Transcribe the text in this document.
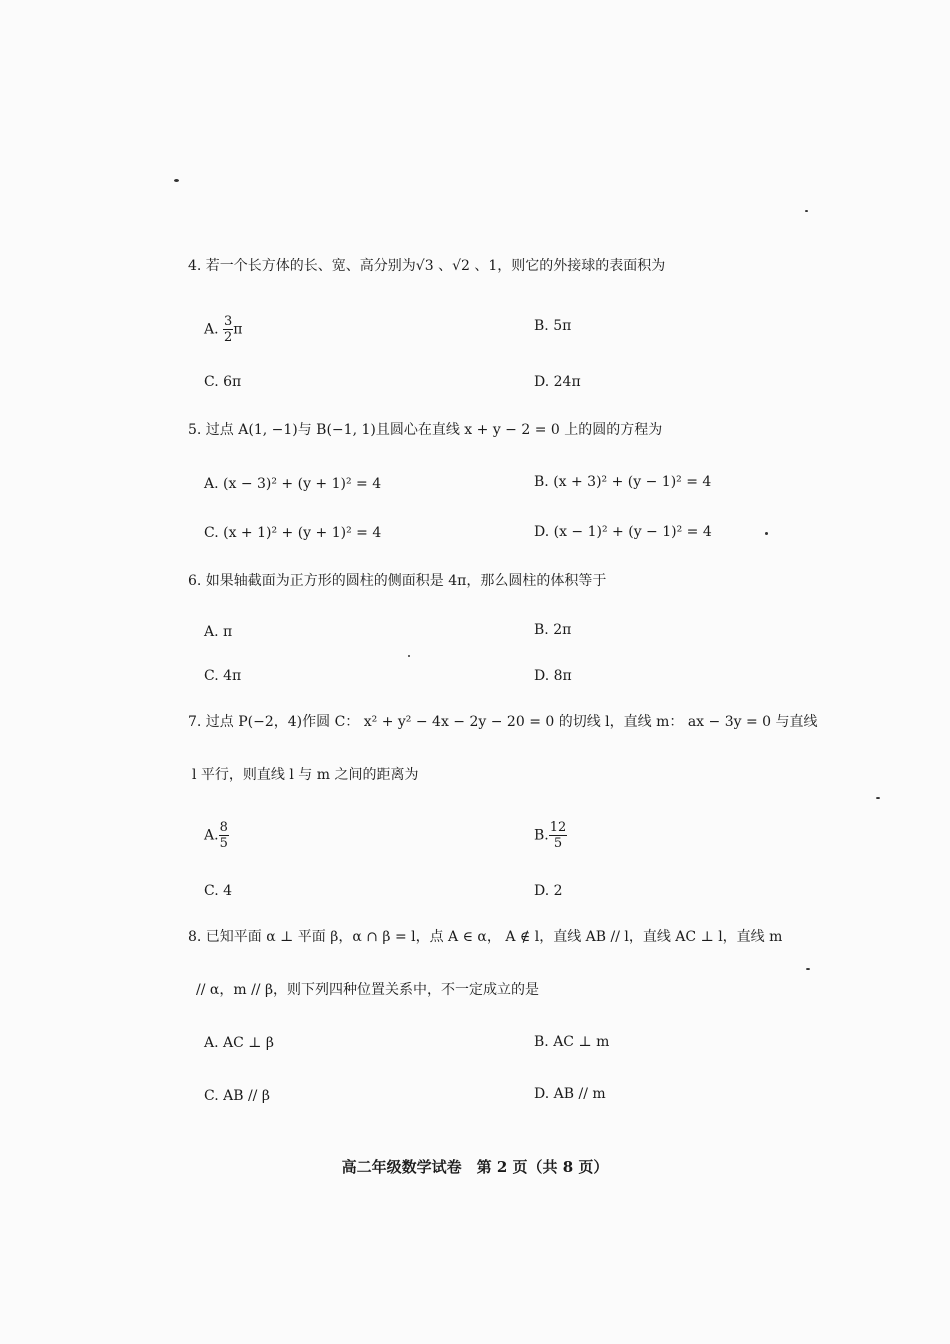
4. 若一个长方体的长、宽、高分别为√3 、√2 、1，则它的外接球的表面积为
A. $\frac{3}{2}$ π	B. 5π
C. 6π	D. 24π
5. 过点 A(1, −1)与 B(−1, 1)且圆心在直线 x + y − 2 = 0 上的圆的方程为
A. (x − 3)² + (y + 1)² = 4	B. (x + 3)² + (y − 1)² = 4
C. (x + 1)² + (y + 1)² = 4	D. (x − 1)² + (y − 1)² = 4
6. 如果轴截面为正方形的圆柱的侧面积是 4π，那么圆柱的体积等于
A. π	B. 2π
C. 4π	D. 8π
7. 过点 P(−2，4)作圆 C： x² + y² − 4x − 2y − 20 = 0 的切线 l，直线 m： ax − 3y = 0 与直线
l 平行，则直线 l 与 m 之间的距离为
A. $\frac{8}{5}$	B. $\frac{12}{5}$
C. 4	D. 2
8. 已知平面 α ⊥ 平面 β，α ∩ β = l，点 A ∈ α， A ∉ l，直线 AB // l，直线 AC ⊥ l，直线 m
// α，m // β，则下列四种位置关系中，不一定成立的是
A. AC ⊥ β	B. AC ⊥ m
C. AB // β	D. AB // m
高二年级数学试卷　第 2 页（共 8 页）
